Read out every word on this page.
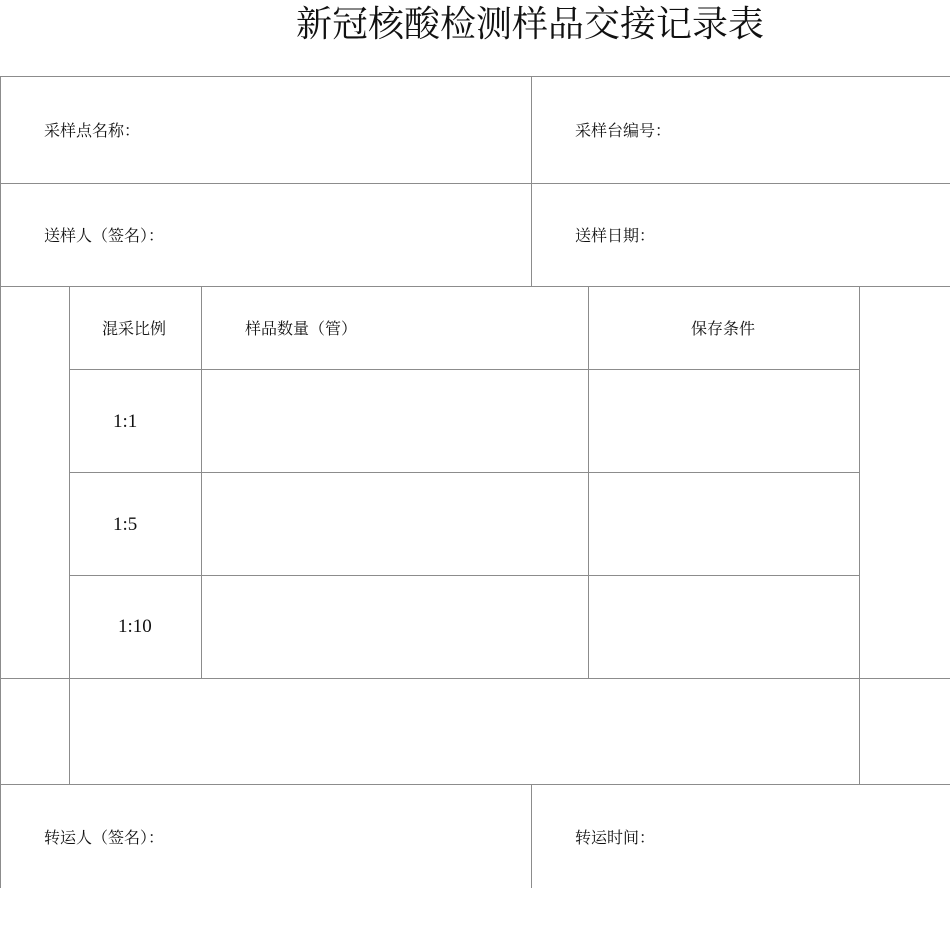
新冠核酸检测样品交接记录表
采样点名称：	采样台编号：
送样人（签名）：	送样日期：
混采比例	样品数量（管）	保存条件
1:1
1:5
1:10
转运人（签名）：	转运时间：
